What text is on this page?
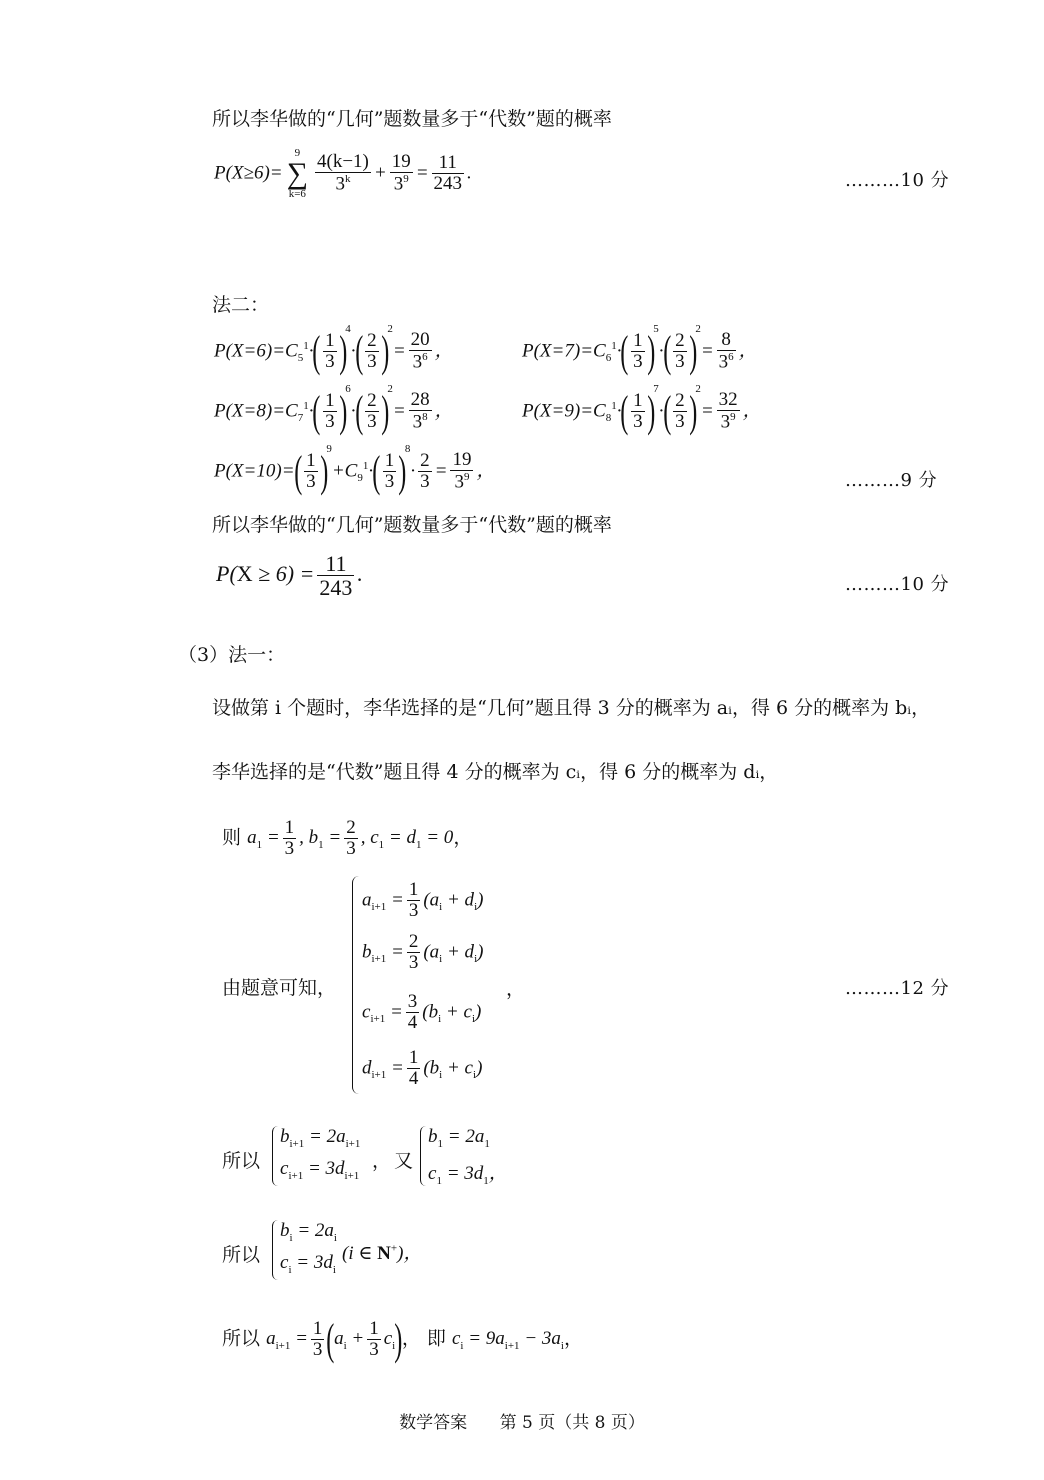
所以李华做的“几何”题数量多于“代数”题的概率
P(X≥6)=
9
∑
$k=6 \frac{4(k-1)}{3^k} + \frac{19}{3^9} = \frac{11}{243}$ .	………10 分
法二：
$P(X=6)=C_5^1\cdot( \frac{1}{3} )^4\cdot( \frac{2}{3} )^2= \frac{20}{3^6}$ ，	$P(X=7)=C_6^1\cdot( \frac{1}{3} )^5\cdot( \frac{2}{3} )^2= \frac{8}{3^6}$ ，
$P(X=8)=C_7^1\cdot( \frac{1}{3} )^6\cdot( \frac{2}{3} )^2= \frac{28}{3^8}$ ，	$P(X=9)=C_8^1\cdot( \frac{1}{3} )^7\cdot( \frac{2}{3} )^2= \frac{32}{3^9}$ ，
$P(X=10)=( \frac{1}{3} )^9+C_9^1\cdot( \frac{1}{3} )^8\cdot \frac{2}{3} = \frac{19}{3^9}$ ，	………9 分
所以李华做的“几何”题数量多于“代数”题的概率
$P(X \ge 6) = \frac{11}{243}$ .	………10 分
（3）法一：
设做第 i 个题时，李华选择的是“几何”题且得 3 分的概率为 aᵢ，得 6 分的概率为 bᵢ，
李华选择的是“代数”题且得 4 分的概率为 cᵢ，得 6 分的概率为 dᵢ，
则 $a_1 = \frac{1}{3}$ , $b_1 = \frac{2}{3}$ , $c_1 = d_1 = 0$，
由题意可知，
$a_{i+1} = \frac{1}{3} (a_i + d_i)$
$b_{i+1} = \frac{2}{3} (a_i + d_i)$
$c_{i+1} = \frac{3}{4} (b_i + c_i)$
$d_{i+1} = \frac{1}{4} (b_i + c_i)$
，	………12 分
所以
$b_{i+1} = 2a_{i+1}$
$c_{i+1} = 3d_{i+1}$
， 又
$b_1 = 2a_1$
$c_1 = 3d_1$，
所以
$b_i = 2a_i$
$c_i = 3d_i$
(i ∈ N+)，
所以 $a_{i+1} = \frac{1}{3} (a_i + \frac{1}{3} c_i)$， 即 $c_i = 9a_{i+1} - 3a_i$，
数学答案 第 5 页（共 8 页）
